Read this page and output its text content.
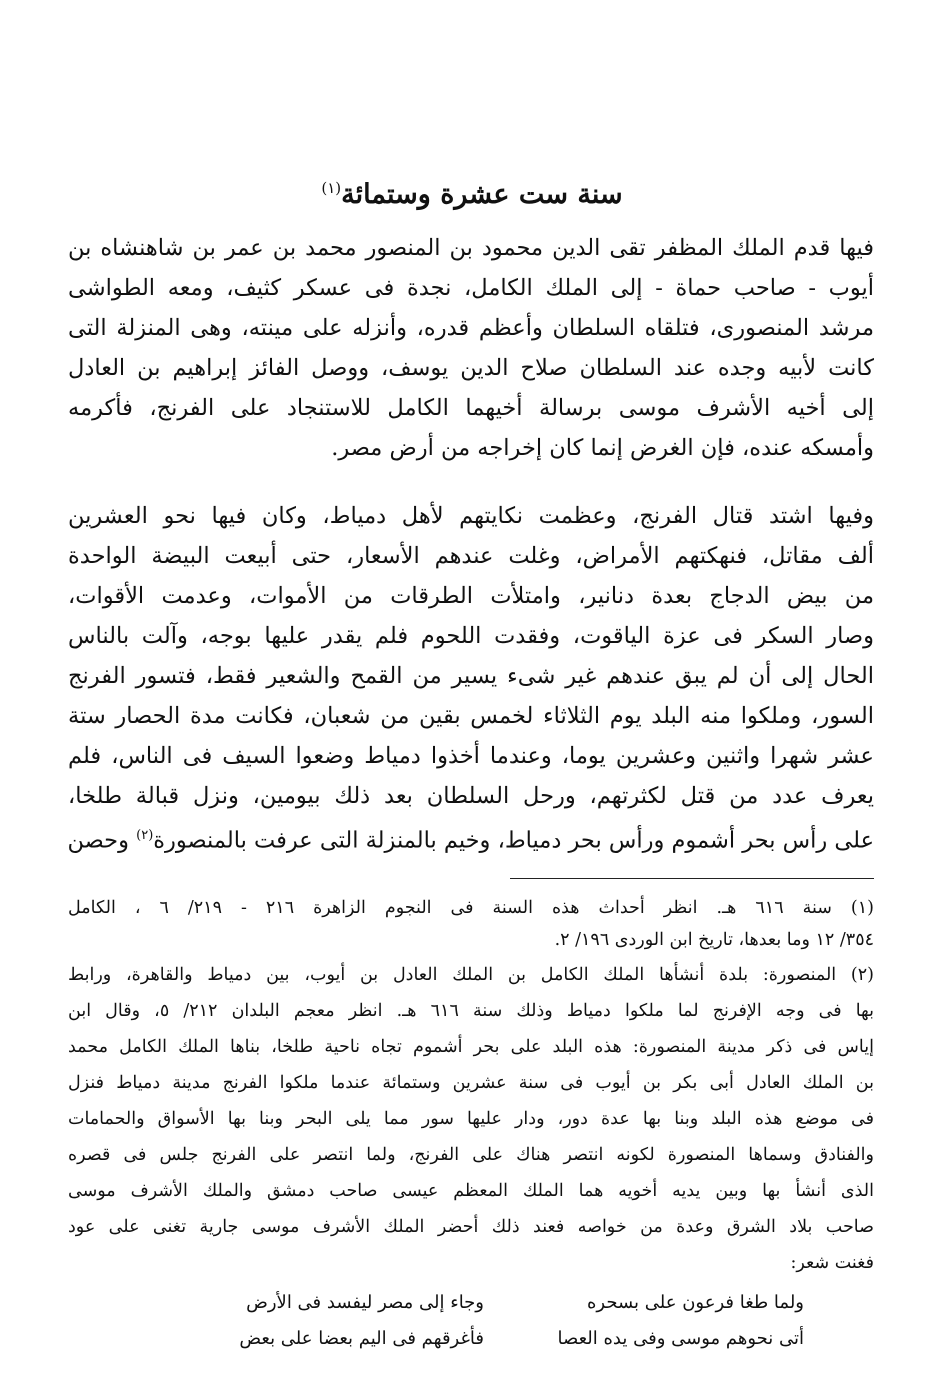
سنة ست عشرة وستمائة$^{(١)}$
فيها قدم الملك المظفر تقى الدين محمود بن المنصور محمد بن عمر بن شاهنشاه بن
أيوب - صاحب حماة - إلى الملك الكامل، نجدة فى عسكر كثيف، ومعه الطواشى
مرشد المنصورى، فتلقاه السلطان وأعظم قدره، وأنزله على مينته، وهى المنزلة التى
كانت لأبيه وجده عند السلطان صلاح الدين يوسف، ووصل الفائز إبراهيم بن العادل
إلى أخيه الأشرف موسى برسالة أخيهما الكامل للاستنجاد على الفرنج، فأكرمه
وأمسكه عنده، فإن الغرض إنما كان إخراجه من أرض مصر.
وفيها اشتد قتال الفرنج، وعظمت نكايتهم لأهل دمياط، وكان فيها نحو العشرين
ألف مقاتل، فنهكتهم الأمراض، وغلت عندهم الأسعار، حتى أبيعت البيضة الواحدة
من بيض الدجاج بعدة دنانير، وامتلأت الطرقات من الأموات، وعدمت الأقوات،
وصار السكر فى عزة الياقوت، وفقدت اللحوم فلم يقدر عليها بوجه، وآلت بالناس
الحال إلى أن لم يبق عندهم غير شىء يسير من القمح والشعير فقط، فتسور الفرنج
السور، وملكوا منه البلد يوم الثلاثاء لخمس بقين من شعبان، فكانت مدة الحصار ستة
عشر شهرا واثنين وعشرين يوما، وعندما أخذوا دمياط وضعوا السيف فى الناس، فلم
يعرف عدد من قتل لكثرتهم، ورحل السلطان بعد ذلك بيومين، ونزل قبالة طلخا،
على رأس بحر أشموم ورأس بحر دمياط، وخيم بالمنزلة التى عرفت بالمنصورة$^{(٢)}$ وحصن
(١) سنة ٦١٦ هـ. انظر أحداث هذه السنة فى النجوم الزاهرة ٢١٦ - ٢١٩/ ٦ ، الكامل
٣٥٤/ ١٢ وما بعدها، تاريخ ابن الوردى ١٩٦/ ٢.
(٢) المنصورة: بلدة أنشأها الملك الكامل بن الملك العادل بن أيوب، بين دمياط والقاهرة، ورابط
بها فى وجه الإفرنج لما ملكوا دمياط وذلك سنة ٦١٦ هـ. انظر معجم البلدان ٢١٢/ ٥، وقال ابن
إياس فى ذكر مدينة المنصورة: هذه البلد على بحر أشموم تجاه ناحية طلخا، بناها الملك الكامل محمد
بن الملك العادل أبى بكر بن أيوب فى سنة عشرين وستمائة عندما ملكوا الفرنج مدينة دمياط فنزل
فى موضع هذه البلد وبنا بها عدة دور، ودار عليها سور مما يلى البحر وبنا بها الأسواق والحمامات
والفنادق وسماها المنصورة لكونه انتصر هناك على الفرنج، ولما انتصر على الفرنج جلس فى قصره
الذى أنشأ بها وبين يديه أخويه هما الملك المعظم عيسى صاحب دمشق والملك الأشرف موسى
صاحب بلاد الشرق وعدة من خواصه فعند ذلك أحضر الملك الأشرف موسى جارية تغنى على عود
فغنت شعر:
ولما طغا فرعون على بسحره
وجاء إلى مصر ليفسد فى الأرض
أتى نحوهم موسى وفى يده العصا
فأغرقهم فى اليم بعضا على بعض
